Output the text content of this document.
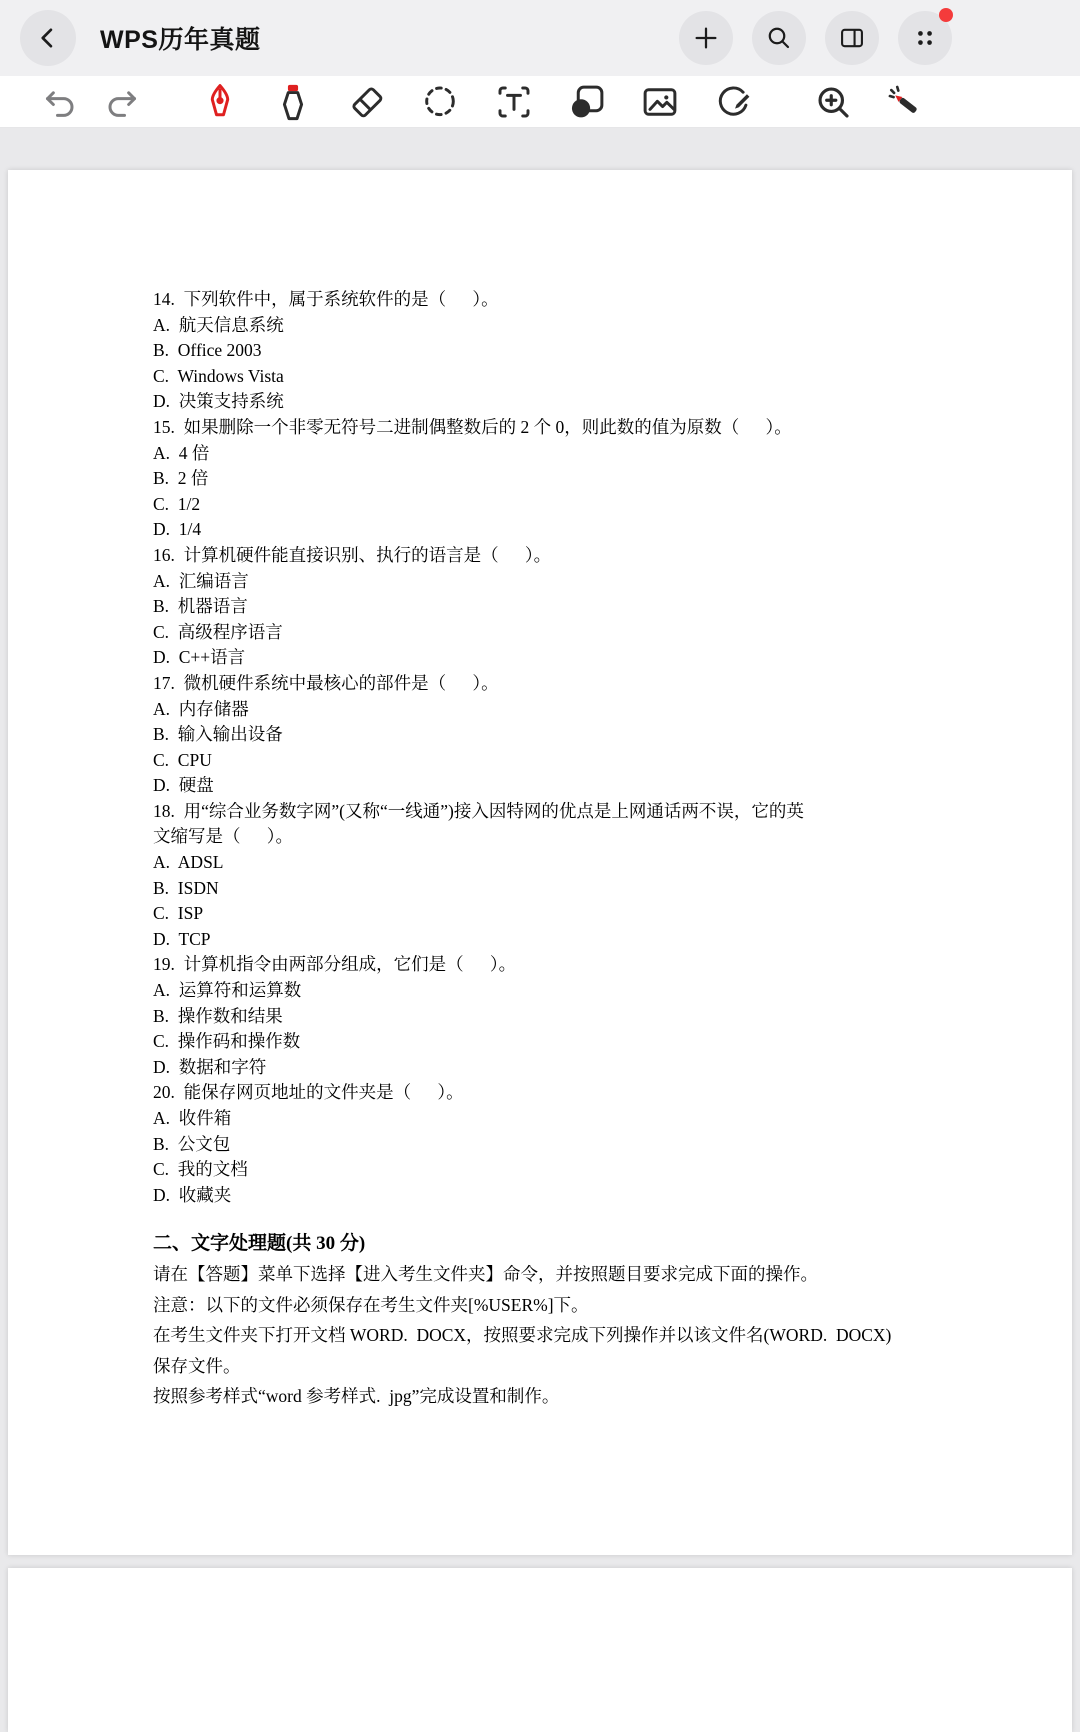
WPS历年真题
14.  下列软件中，属于系统软件的是（      ）。
A.  航天信息系统
B.  Office 2003
C.  Windows Vista
D.  决策支持系统
15.  如果删除一个非零无符号二进制偶整数后的 2 个 0，则此数的值为原数（      ）。
A.  4 倍
B.  2 倍
C.  1/2
D.  1/4
16.  计算机硬件能直接识别、执行的语言是（      ）。
A.  汇编语言
B.  机器语言
C.  高级程序语言
D.  C++语言
17.  微机硬件系统中最核心的部件是（      ）。
A.  内存储器
B.  输入输出设备
C.  CPU
D.  硬盘
18.  用“综合业务数字网”(又称“一线通”)接入因特网的优点是上网通话两不误，它的英
文缩写是（      ）。
A.  ADSL
B.  ISDN
C.  ISP
D.  TCP
19.  计算机指令由两部分组成，它们是（      ）。
A.  运算符和运算数
B.  操作数和结果
C.  操作码和操作数
D.  数据和字符
20.  能保存网页地址的文件夹是（      ）。
A.  收件箱
B.  公文包
C.  我的文档
D.  收藏夹
二、文字处理题(共 30 分)
请在【答题】菜单下选择【进入考生文件夹】命令，并按照题目要求完成下面的操作。
注意：以下的文件必须保存在考生文件夹[%USER%]下。
在考生文件夹下打开文档 WORD.  DOCX，按照要求完成下列操作并以该文件名(WORD.  DOCX)
保存文件。
按照参考样式“word 参考样式.  jpg”完成设置和制作。
